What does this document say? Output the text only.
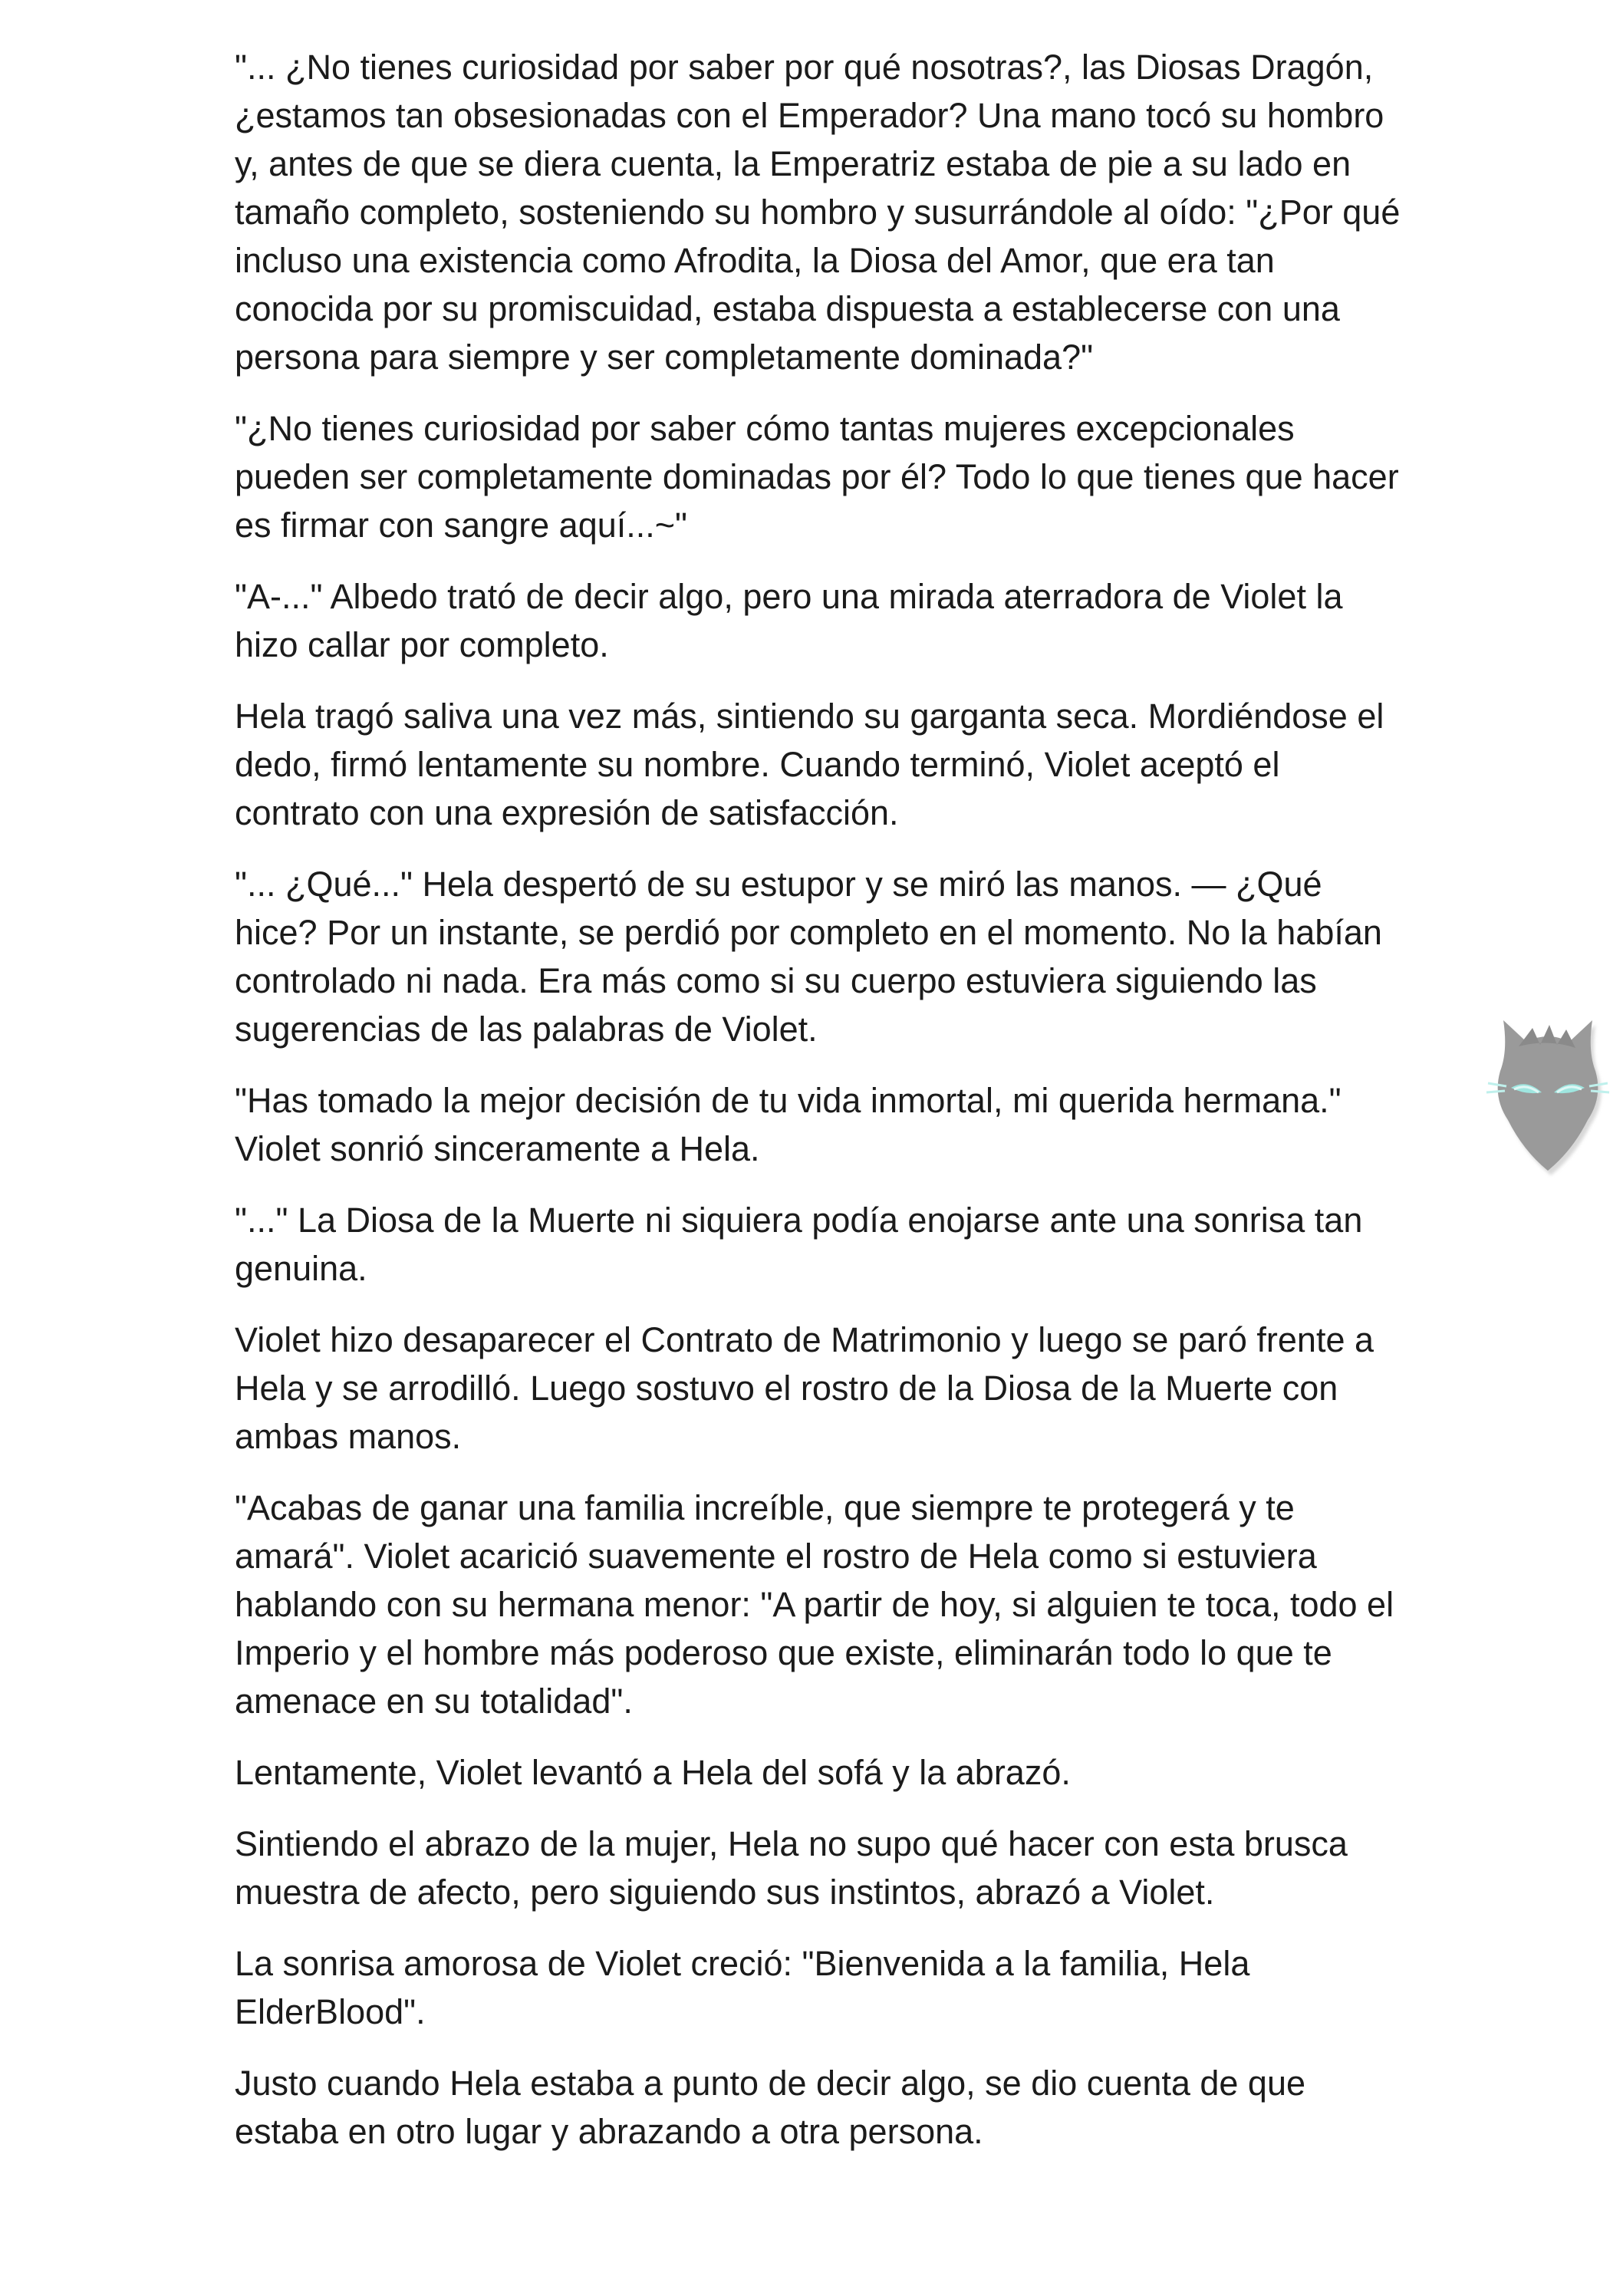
"... ¿No tienes curiosidad por saber por qué nosotras?, las Diosas Dragón, ¿estamos tan obsesionadas con el Emperador? Una mano tocó su hombro y, antes de que se diera cuenta, la Emperatriz estaba de pie a su lado en tamaño completo, sosteniendo su hombro y susurrándole al oído: "¿Por qué incluso una existencia como Afrodita, la Diosa del Amor, que era tan conocida por su promiscuidad, estaba dispuesta a establecerse con una persona para siempre y ser completamente dominada?"

"¿No tienes curiosidad por saber cómo tantas mujeres excepcionales pueden ser completamente dominadas por él? Todo lo que tienes que hacer es firmar con sangre aquí...~"

"A-..." Albedo trató de decir algo, pero una mirada aterradora de Violet la hizo callar por completo.

Hela tragó saliva una vez más, sintiendo su garganta seca. Mordiéndose el dedo, firmó lentamente su nombre. Cuando terminó, Violet aceptó el contrato con una expresión de satisfacción.

"... ¿Qué..." Hela despertó de su estupor y se miró las manos. — ¿Qué hice? Por un instante, se perdió por completo en el momento. No la habían controlado ni nada. Era más como si su cuerpo estuviera siguiendo las sugerencias de las palabras de Violet.

"Has tomado la mejor decisión de tu vida inmortal, mi querida hermana." Violet sonrió sinceramente a Hela.

"..." La Diosa de la Muerte ni siquiera podía enojarse ante una sonrisa tan genuina.

Violet hizo desaparecer el Contrato de Matrimonio y luego se paró frente a Hela y se arrodilló. Luego sostuvo el rostro de la Diosa de la Muerte con ambas manos.

"Acabas de ganar una familia increíble, que siempre te protegerá y te amará". Violet acarició suavemente el rostro de Hela como si estuviera hablando con su hermana menor: "A partir de hoy, si alguien te toca, todo el Imperio y el hombre más poderoso que existe, eliminarán todo lo que te amenace en su totalidad".

Lentamente, Violet levantó a Hela del sofá y la abrazó.

Sintiendo el abrazo de la mujer, Hela no supo qué hacer con esta brusca muestra de afecto, pero siguiendo sus instintos, abrazó a Violet.

La sonrisa amorosa de Violet creció: "Bienvenida a la familia, Hela ElderBlood".

Justo cuando Hela estaba a punto de decir algo, se dio cuenta de que estaba en otro lugar y abrazando a otra persona.
